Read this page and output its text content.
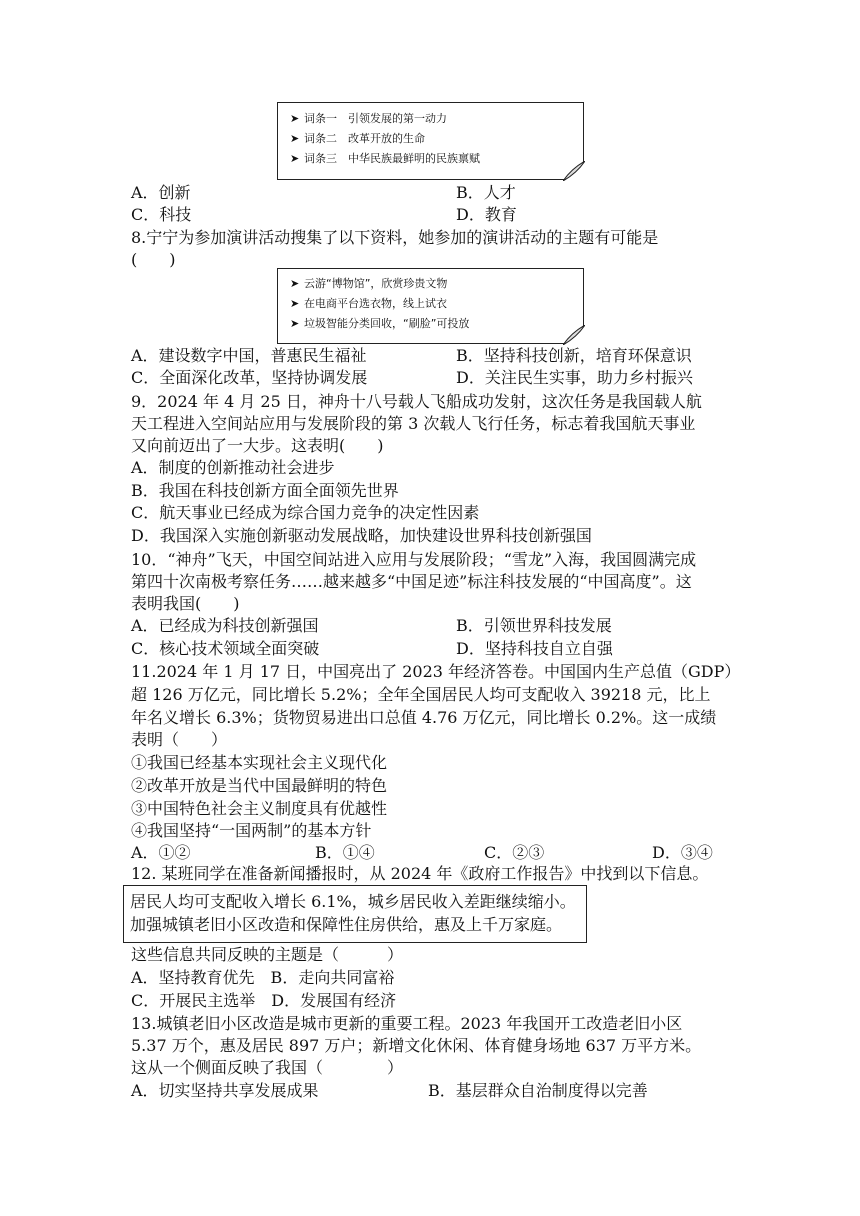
➤ 词条一　 引领发展的第一动力
➤ 词条二　 改革开放的生命
➤ 词条三　 中华民族最鲜明的民族禀赋
A．创新	B．人才
C．科技	D．教育
8.宁宁为参加演讲活动搜集了以下资料，她参加的演讲活动的主题有可能是
(　　)
➤ 云游“博物馆”，欣赏珍贵文物
➤ 在电商平台选衣物，线上试衣
➤ 垃圾智能分类回收，“刷脸”可投放
A．建设数字中国，普惠民生福祉	B．坚持科技创新，培育环保意识
C．全面深化改革，坚持协调发展	D．关注民生实事，助力乡村振兴
9．2024 年 4 月 25 日，神舟十八号载人飞船成功发射，这次任务是我国载人航
天工程进入空间站应用与发展阶段的第 3 次载人飞行任务，标志着我国航天事业
又向前迈出了一大步。这表明(　　)
A．制度的创新推动社会进步
B．我国在科技创新方面全面领先世界
C．航天事业已经成为综合国力竞争的决定性因素
D．我国深入实施创新驱动发展战略，加快建设世界科技创新强国
10．“神舟”飞天，中国空间站进入应用与发展阶段；“雪龙”入海，我国圆满完成
第四十次南极考察任务……越来越多“中国足迹”标注科技发展的“中国高度”。这
表明我国(　　)
A．已经成为科技创新强国	B．引领世界科技发展
C．核心技术领域全面突破	D．坚持科技自立自强
11.2024 年 1 月 17 日，中国亮出了 2023 年经济答卷。中国国内生产总值（GDP）
超 126 万亿元，同比增长 5.2%；全年全国居民人均可支配收入 39218 元，比上
年名义增长 6.3%；货物贸易进出口总值 4.76 万亿元，同比增长 0.2%。这一成绩
表明（　　）
①我国已经基本实现社会主义现代化
②改革开放是当代中国最鲜明的特色
③中国特色社会主义制度具有优越性
④我国坚持“一国两制”的基本方针
A．①②	B．①④	C．②③	D．③④
12. 某班同学在准备新闻播报时，从 2024 年《政府工作报告》中找到以下信息。
居民人均可支配收入增长 6.1%，城乡居民收入差距继续缩小。
加强城镇老旧小区改造和保障性住房供给，惠及上千万家庭。
这些信息共同反映的主题是（　　　）
A．坚持教育优先　B．走向共同富裕
C．开展民主选举　D．发展国有经济
13.城镇老旧小区改造是城市更新的重要工程。2023 年我国开工改造老旧小区
5.37 万个，惠及居民 897 万户；新增文化休闲、体育健身场地 637 万平方米。
这从一个侧面反映了我国（　　　　）
A．切实坚持共享发展成果	B．基层群众自治制度得以完善
